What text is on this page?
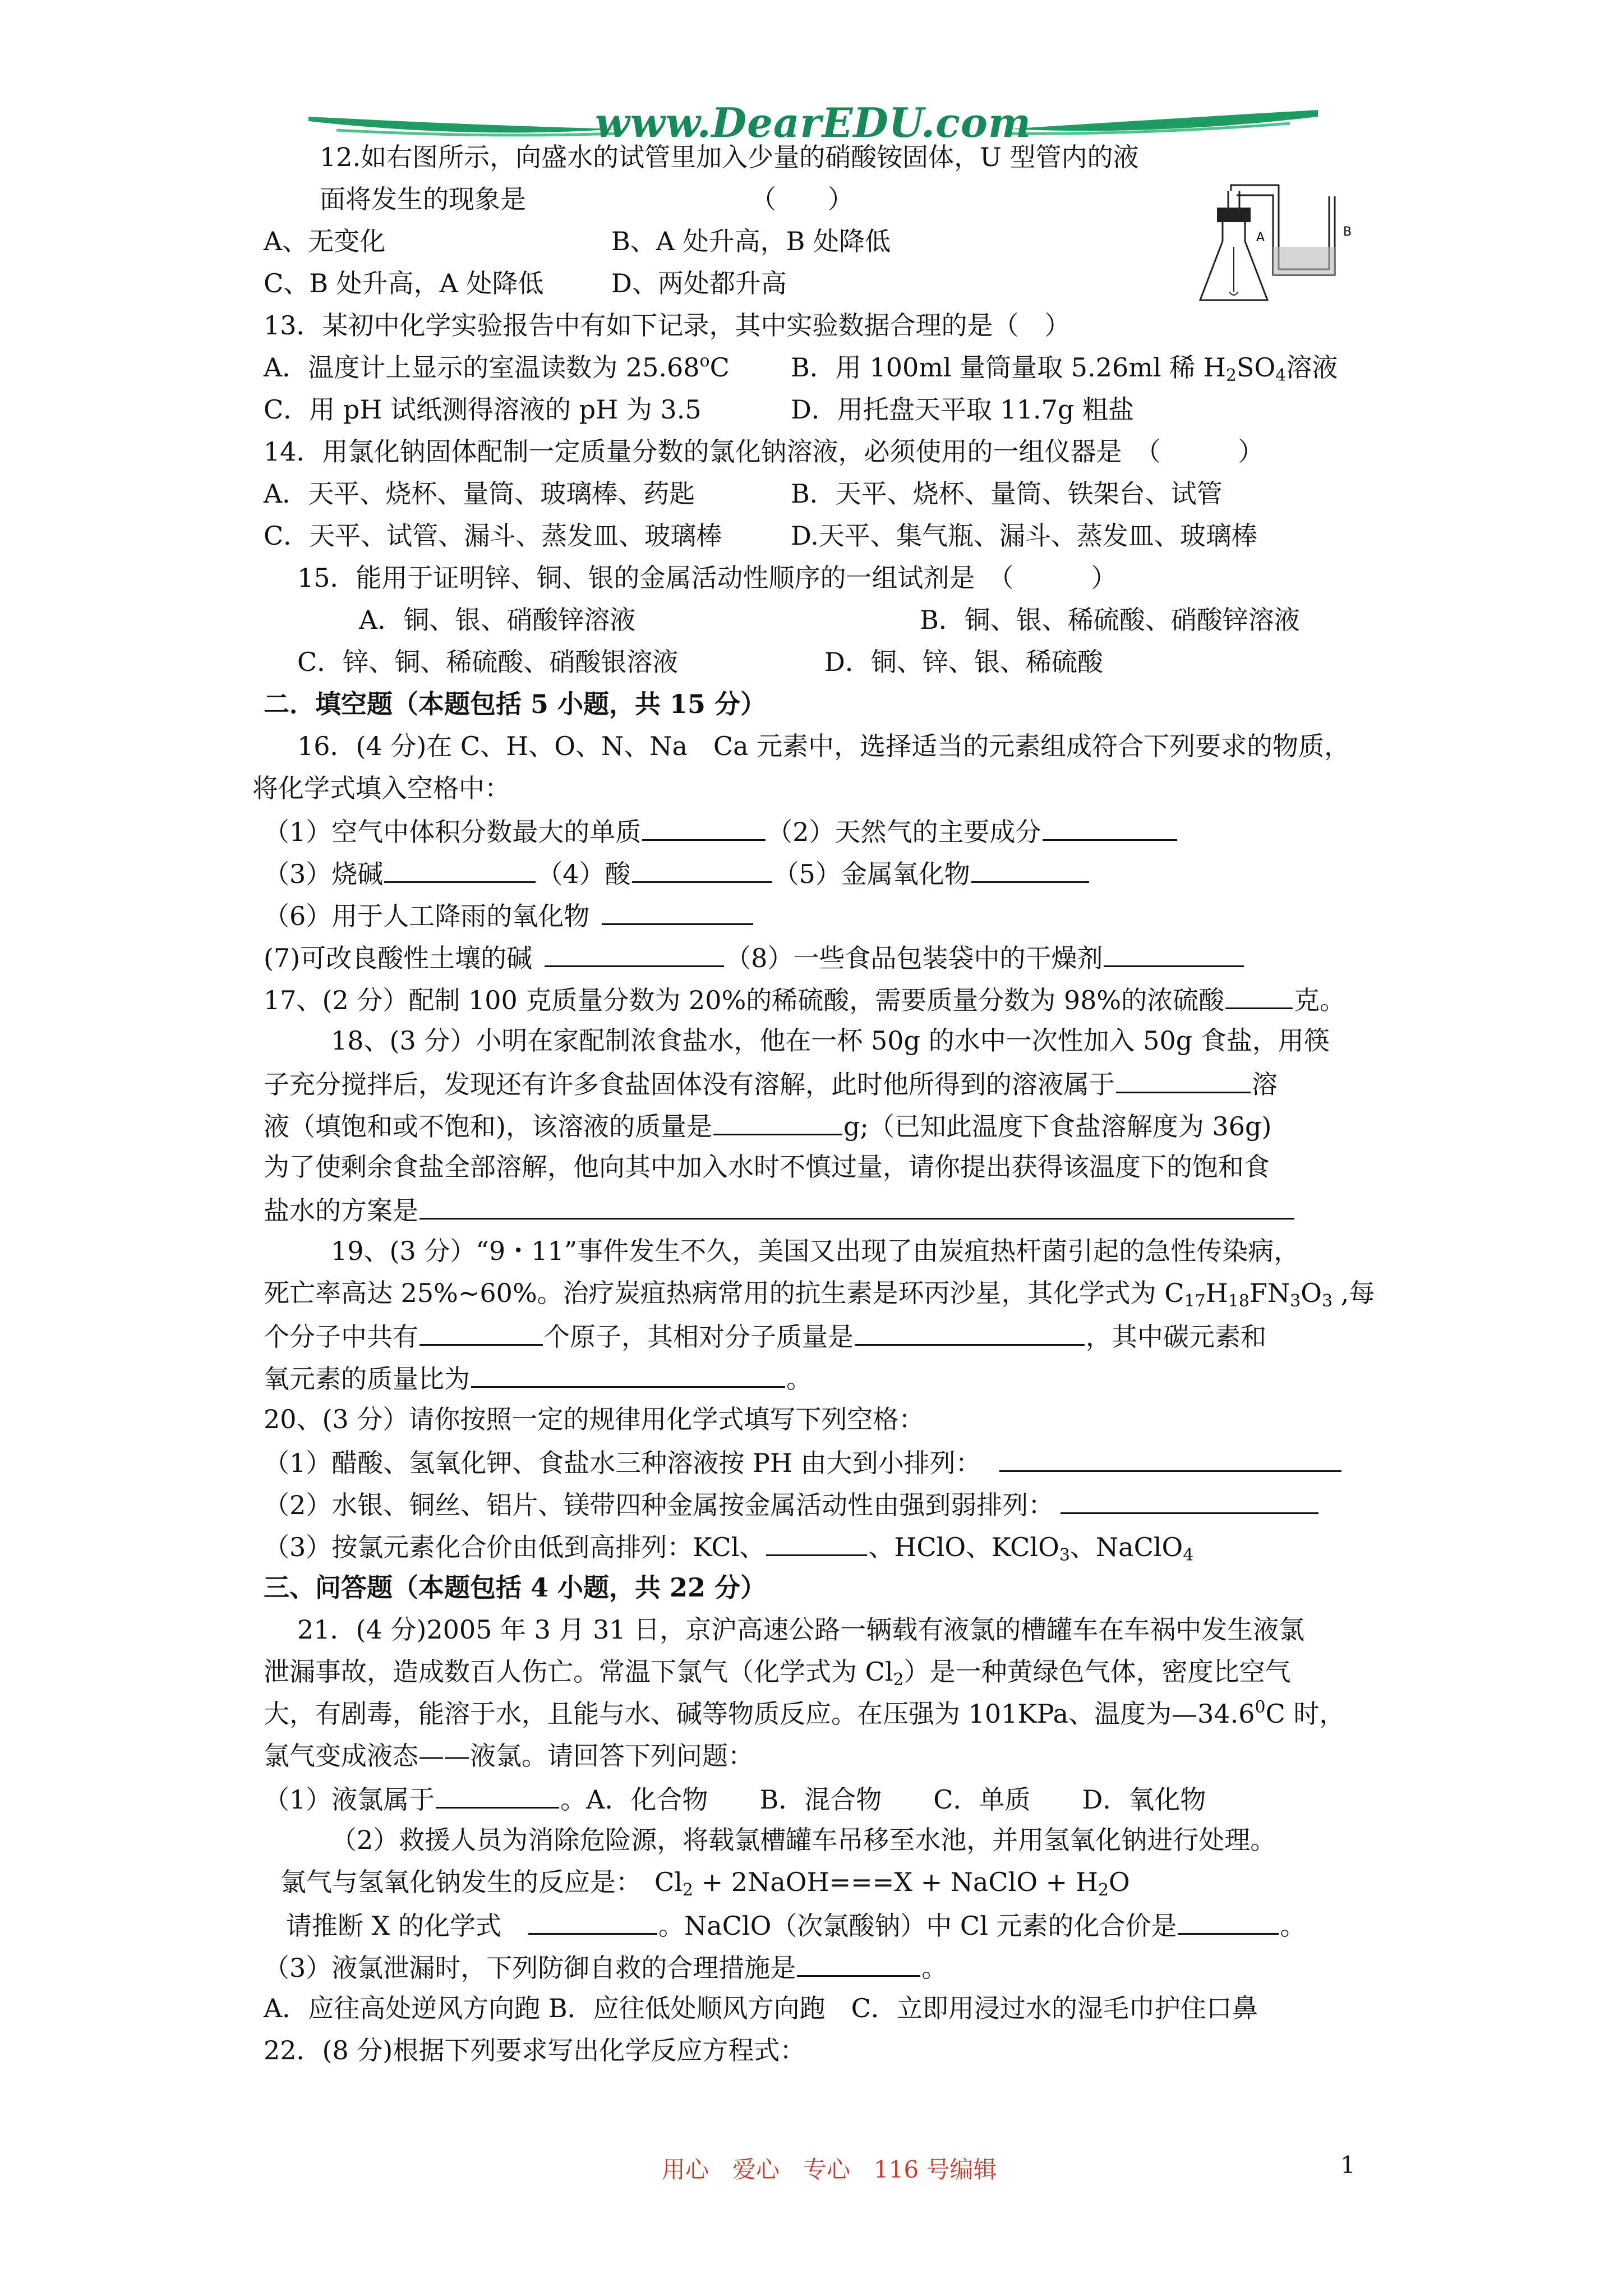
www.DearEDU.com
12.如右图所示，向盛水的试管里加入少量的硝酸铵固体，U 型管内的液
面将发生的现象是	（　　）
A、无变化	B、A 处升高，B 处降低
C、B 处升高，A 处降低	D、两处都升高
A	B
13．某初中化学实验报告中有如下记录，其中实验数据合理的是（　）
A．温度计上显示的室温读数为 25.68$^o$C B．用 100ml 量筒量取 5.26ml 稀 $H_2SO_4$溶液
C．用 pH 试纸测得溶液的 pH 为 3.5	D．用托盘天平取 11.7g 粗盐
14．用氯化钠固体配制一定质量分数的氯化钠溶液，必须使用的一组仪器是　（　　　）
A．天平、烧杯、量筒、玻璃棒、药匙	B．天平、烧杯、量筒、铁架台、试管
C．天平、试管、漏斗、蒸发皿、玻璃棒	D.天平、集气瓶、漏斗、蒸发皿、玻璃棒
15．能用于证明锌、铜、银的金属活动性顺序的一组试剂是　（　　　）
A．铜、银、硝酸锌溶液	B．铜、银、稀硫酸、硝酸锌溶液
C．锌、铜、稀硫酸、硝酸银溶液	D．铜、锌、银、稀硫酸
二．填空题（本题包括 5 小题，共 15 分）
16．(4 分)在 C、H、O、N、Na　Ca 元素中，选择适当的元素组成符合下列要求的物质，
将化学式填入空格中：
（1）空气中体积分数最大的单质	（2）天然气的主要成分
（3）烧碱	（4）酸	（5）金属氧化物
（6）用于人工降雨的氧化物
(7)可改良酸性土壤的碱	（8）一些食品包装袋中的干燥剂
17、(2 分）配制 100 克质量分数为 20%的稀硫酸，需要质量分数为 98%的浓硫酸	克。
18、(3 分）小明在家配制浓食盐水，他在一杯 50g 的水中一次性加入 50g 食盐，用筷
子充分搅拌后，发现还有许多食盐固体没有溶解，此时他所得到的溶液属于	溶
液（填饱和或不饱和)，该溶液的质量是	g;（已知此温度下食盐溶解度为 36g)
为了使剩余食盐全部溶解，他向其中加入水时不慎过量，请你提出获得该温度下的饱和食
盐水的方案是
19、(3 分）“9・11”事件发生不久，美国又出现了由炭疽热杆菌引起的急性传染病，
死亡率高达 25%~60%。治疗炭疽热病常用的抗生素是环丙沙星，其化学式为 $C_{17}H_{18}FN_3O_3$ ,每
个分子中共有	个原子，其相对分子质量是	，其中碳元素和
氧元素的质量比为	。
20、(3 分）请你按照一定的规律用化学式填写下列空格：
（1）醋酸、氢氧化钾、食盐水三种溶液按 PH 由大到小排列：
（2）水银、铜丝、铝片、镁带四种金属按金属活动性由强到弱排列：
（3）按氯元素化合价由低到高排列：KCl、	、HClO、KClO$_3$、NaClO$_4$
三、问答题（本题包括 4 小题，共 22 分）
21．(4 分)2005 年 3 月 31 日，京沪高速公路一辆载有液氯的槽罐车在车祸中发生液氯
泄漏事故，造成数百人伤亡。常温下氯气（化学式为 $Cl_2$）是一种黄绿色气体，密度比空气
大，有剧毒，能溶于水，且能与水、碱等物质反应。在压强为 101KPa、温度为—34.6$^0$C 时，
氯气变成液态——液氯。请回答下列问题：
（1）液氯属于	。A．化合物　　B．混合物　　C．单质　　D．氧化物
（2）救援人员为消除危险源，将载氯槽罐车吊移至水池，并用氢氧化钠进行处理。
氯气与氢氧化钠发生的反应是：　$Cl_2$ + 2NaOH===X + NaClO + $H_2O$
请推断 X 的化学式　	。NaClO（次氯酸钠）中 Cl 元素的化合价是	。
（3）液氯泄漏时，下列防御自救的合理措施是	。
A．应往高处逆风方向跑 B．应往低处顺风方向跑　C．立即用浸过水的湿毛巾护住口鼻
22．(8 分)根据下列要求写出化学反应方程式：
用心　爱心　专心　116 号编辑	1
